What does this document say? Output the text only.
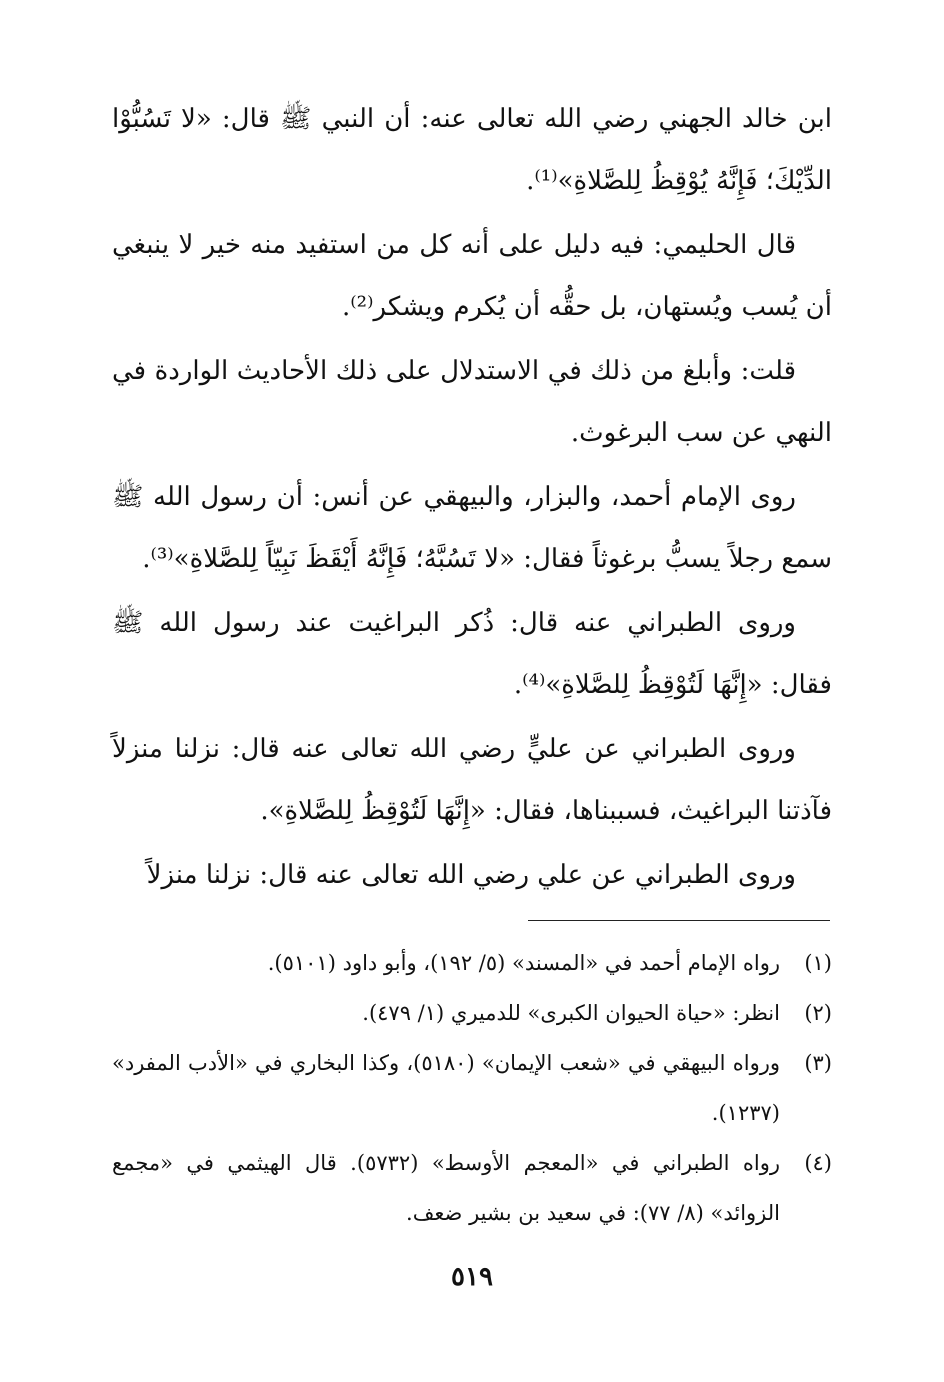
ابن خالد الجهني رضي الله تعالى عنه: أن النبي ﷺ قال: «لا تَسُبُّوْا الدِّيْكَ؛ فَإِنَّهُ يُوْقِظُ لِلصَّلاةِ»⁽¹⁾.

قال الحليمي: فيه دليل على أنه كل من استفيد منه خير لا ينبغي أن يُسب ويُستهان، بل حقُّه أن يُكرم ويشكر⁽²⁾.

قلت: وأبلغ من ذلك في الاستدلال على ذلك الأحاديث الواردة في النهي عن سب البرغوث.

روى الإمام أحمد، والبزار، والبيهقي عن أنس: أن رسول الله ﷺ سمع رجلاً يسبُّ برغوثاً فقال: «لا تَسُبَّهُ؛ فَإِنَّهُ أَيْقَظَ نَبِيّاً لِلصَّلاةِ»⁽³⁾.

وروى الطبراني عنه قال: ذُكر البراغيت عند رسول الله ﷺ فقال: «إِنَّهَا لَتُوْقِظُ لِلصَّلاةِ»⁽⁴⁾.

وروى الطبراني عن عليٍّ رضي الله تعالى عنه قال: نزلنا منزلاً فآذتنا البراغيث، فسببناها، فقال: «إِنَّهَا لَتُوْقِظُ لِلصَّلاةِ».

وروى الطبراني عن علي رضي الله تعالى عنه قال: نزلنا منزلاً

(١)
رواه الإمام أحمد في «المسند» (٥/ ١٩٢)، وأبو داود (٥١٠١).
(٢)
انظر: «حياة الحيوان الكبرى» للدميري (١/ ٤٧٩).
(٣)
ورواه البيهقي في «شعب الإيمان» (٥١٨٠)، وكذا البخاري في «الأدب المفرد» (١٢٣٧).
(٤)
رواه الطبراني في «المعجم الأوسط» (٥٧٣٢). قال الهيثمي في «مجمع الزوائد» (٨/ ٧٧): في سعيد بن بشير ضعف.
٥١٩
